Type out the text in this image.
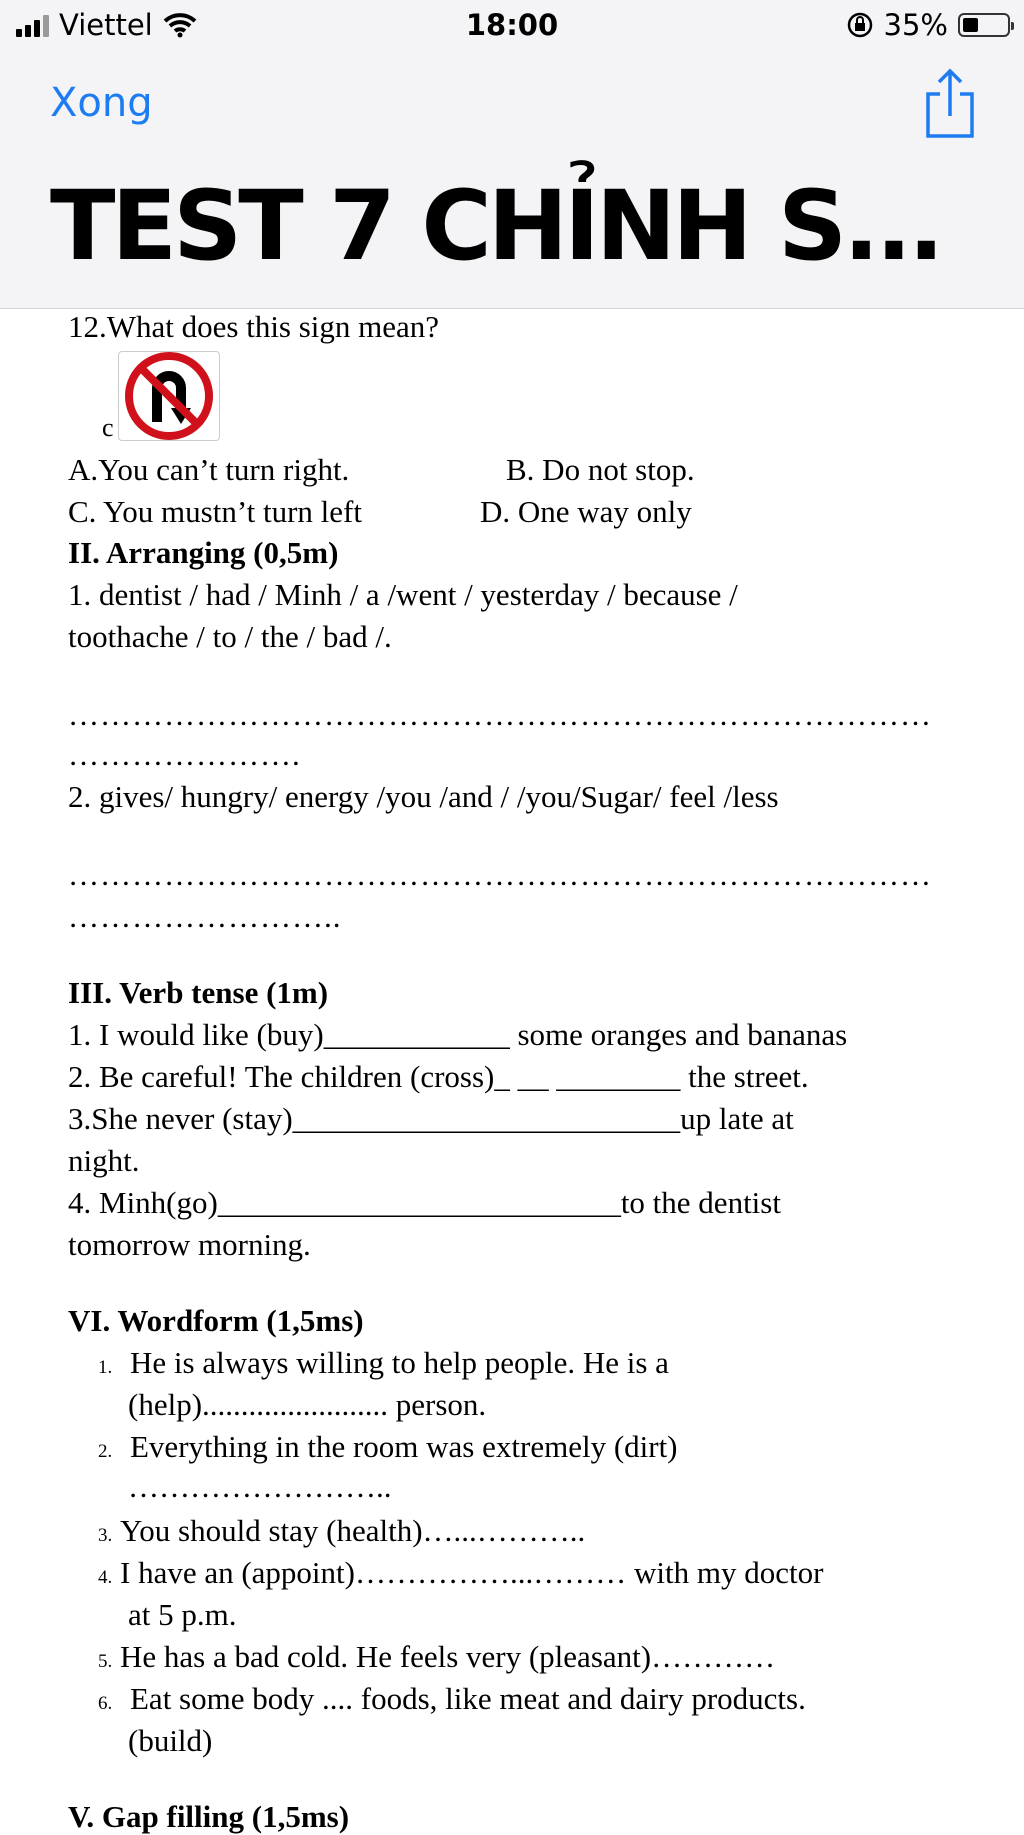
Viettel	18:00	35%
Xong
TEST 7 CHỈNH S...
12.What does this sign mean?
c
A.You can’t turn right.	B. Do not stop.
C. You mustn’t turn left	D. One way only
II. Arranging (0,5m)
1. dentist / had / Minh / a /went / yesterday / because /
toothache / to / the / bad /.
………………………………………………………………………
………………….
2. gives/ hungry/ energy /you /and / /you/Sugar/ feel /less
………………………………………………………………………
……………………..
III. Verb tense (1m)
1. I would like (buy)____________ some oranges and bananas
2. Be careful! The children (cross)_ __ ________ the street.
3.She never (stay)_________________________up late at
night.
4. Minh(go)__________________________to the dentist
tomorrow morning.
VI. Wordform (1,5ms)
1. He is always willing to help people. He is a
(help)........................ person.
2. Everything in the room was extremely (dirt)
……………………..
3. You should stay (health)…...………..
4. I have an (appoint)……………...……… with my doctor
at 5 p.m.
5. He has a bad cold. He feels very (pleasant)…………
6. Eat some body .... foods, like meat and dairy products.
(build)
V. Gap filling (1,5ms)
